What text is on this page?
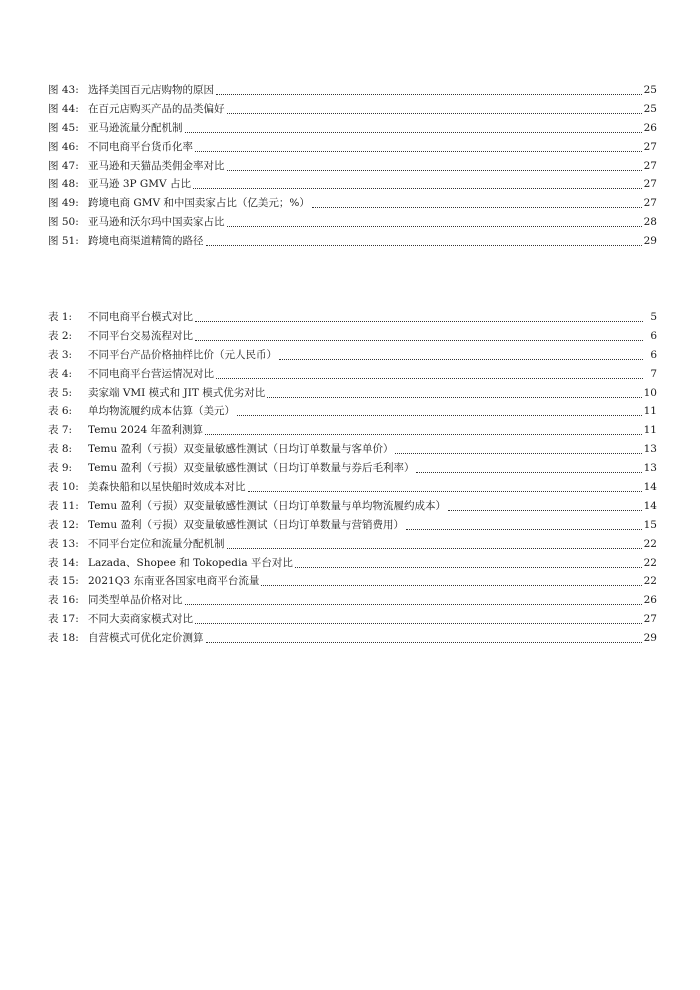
图 43: 选择美国百元店购物的原因	25
图 44: 在百元店购买产品的品类偏好	25
图 45: 亚马逊流量分配机制	26
图 46: 不同电商平台货币化率	27
图 47: 亚马逊和天猫品类佣金率对比	27
图 48: 亚马逊 3P GMV 占比	27
图 49: 跨境电商 GMV 和中国卖家占比（亿美元；%）	27
图 50: 亚马逊和沃尔玛中国卖家占比	28
图 51: 跨境电商渠道精简的路径	29
表 1:	不同电商平台模式对比	5
表 2:	不同平台交易流程对比	6
表 3:	不同平台产品价格抽样比价（元人民币）	6
表 4:	不同电商平台营运情况对比	7
表 5:	卖家端 VMI 模式和 JIT 模式优劣对比	10
表 6:	单均物流履约成本估算（美元）	11
表 7:	Temu 2024 年盈利测算	11
表 8:	Temu 盈利（亏损）双变量敏感性测试（日均订单数量与客单价）	13
表 9:	Temu 盈利（亏损）双变量敏感性测试（日均订单数量与券后毛利率）	13
表 10: 美森快船和以星快船时效成本对比	14
表 11: Temu 盈利（亏损）双变量敏感性测试（日均订单数量与单均物流履约成本）	14
表 12: Temu 盈利（亏损）双变量敏感性测试（日均订单数量与营销费用）	15
表 13: 不同平台定位和流量分配机制	22
表 14: Lazada、Shopee 和 Tokopedia 平台对比	22
表 15: 2021Q3 东南亚各国家电商平台流量	22
表 16: 同类型单品价格对比	26
表 17: 不同大卖商家模式对比	27
表 18: 自营模式可优化定价测算	29
